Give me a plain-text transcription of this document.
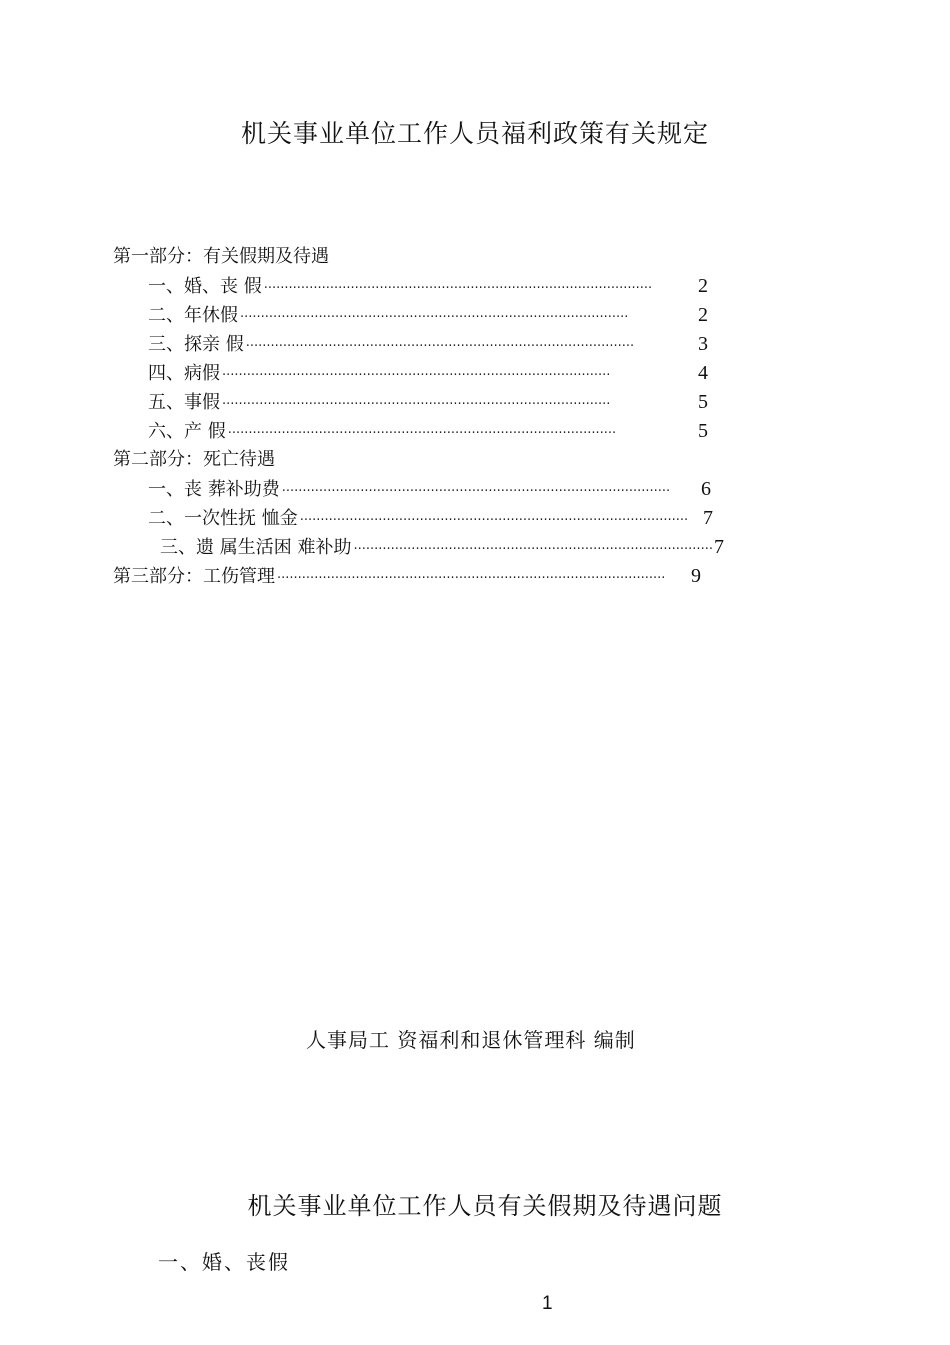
机关事业单位工作人员福利政策有关规定
第一部分：有关假期及待遇
一、婚、丧 假 ·····	2
二、年休假 ·····	2
三、探亲 假 ·····	3
四、病假 ·····	4
五、事假 ·····	5
六、产 假 ·····	5
第二部分：死亡待遇
一、丧 葬补助费 ·····	6
二、一次性抚 恤金 ·····	7
三、遗 属生活困 难补助 ·····	7
第三部分：工伤管理 ·····	9
人事局工 资福利和退休管理科 编制
机关事业单位工作人员有关假期及待遇问题
一、婚、丧假
1
